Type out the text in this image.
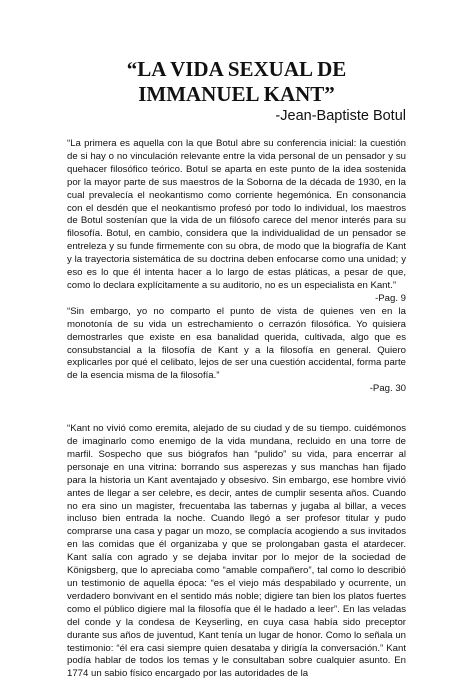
“LA VIDA SEXUAL DE IMMANUEL KANT”

-Jean-Baptiste Botul

“La primera es aquella con la que Botul abre su conferencia inicial: la cuestión de si hay o no vinculación relevante entre la vida personal de un pensador y su quehacer filosófico teórico. Botul se aparta en este punto de la idea sostenida por la mayor parte de sus maestros de la Soborna de la década de 1930, en la cual prevalecía el neokantismo como corriente hegemónica. En consonancia con el desdén que el neokantismo profesó por todo lo individual, los maestros de Botul sostenían que la vida de un filósofo carece del menor interés para su filosofía. Botul, en cambio, considera que la individualidad de un pensador se entreleza y su funde firmemente con su obra, de modo que la biografía de Kant y la trayectoria sistemática de su doctrina deben enfocarse como una unidad; y eso es lo que él intenta hacer a lo largo de estas pláticas, a pesar de que, como lo declara explícitamente a su auditorio, no es un especialista en Kant.”

-Pag. 9

“Sin embargo, yo no comparto el punto de vista de quienes ven en la monotonía de su vida un estrechamiento o cerrazón filosófica. Yo quisiera demostrarles que existe en esa banalidad querida, cultivada, algo que es consubstancial a la filosofía de Kant y a la filosofía en general. Quiero explicarles por qué el celibato, lejos de ser una cuestión accidental, forma parte de la esencia misma de la filosofía.”

-Pag. 30

“Kant no vivió como eremita, alejado de su ciudad y de su tiempo. cuidémonos de imaginarlo como enemigo de la vida mundana, recluido en una torre de marfil. Sospecho que sus biógrafos han “pulido” su vida, para encerrar al personaje en una vitrina: borrando sus asperezas y sus manchas han fijado para la historia un Kant aventajado y obsesivo. Sin embargo, ese hombre vivió antes de llegar a ser celebre, es decir, antes de cumplir sesenta años. Cuando no era sino un magister, frecuentaba las tabernas y jugaba al billar, a veces incluso bien entrada la noche. Cuando llegó a ser profesor titular y pudo comprarse una casa y pagar un mozo, se complacía acogiendo a sus invitados en las comidas que él organizaba y que se prolongaban gasta el atardecer. Kant salía con agrado y se dejaba invitar por lo mejor de la sociedad de Königsberg, que lo apreciaba como “amable compañero”, tal como lo describió un testimonio de aquella época: “es el viejo más despabilado y ocurrente, un verdadero bonvivant en el sentido más noble; digiere tan bien los platos fuertes como el público digiere mal la filosofía que él le hadado a leer”. En las veladas del conde y la condesa de Keyserling, en cuya casa había sido preceptor durante sus años de juventud, Kant tenía un lugar de honor. Como lo señala un testimonio: “él era casi siempre quien desataba y dirigía la conversación.” Kant podía hablar de todos los temas y le consultaban sobre cualquier asunto. En 1774 un sabio físico encargado por las autoridades de la
